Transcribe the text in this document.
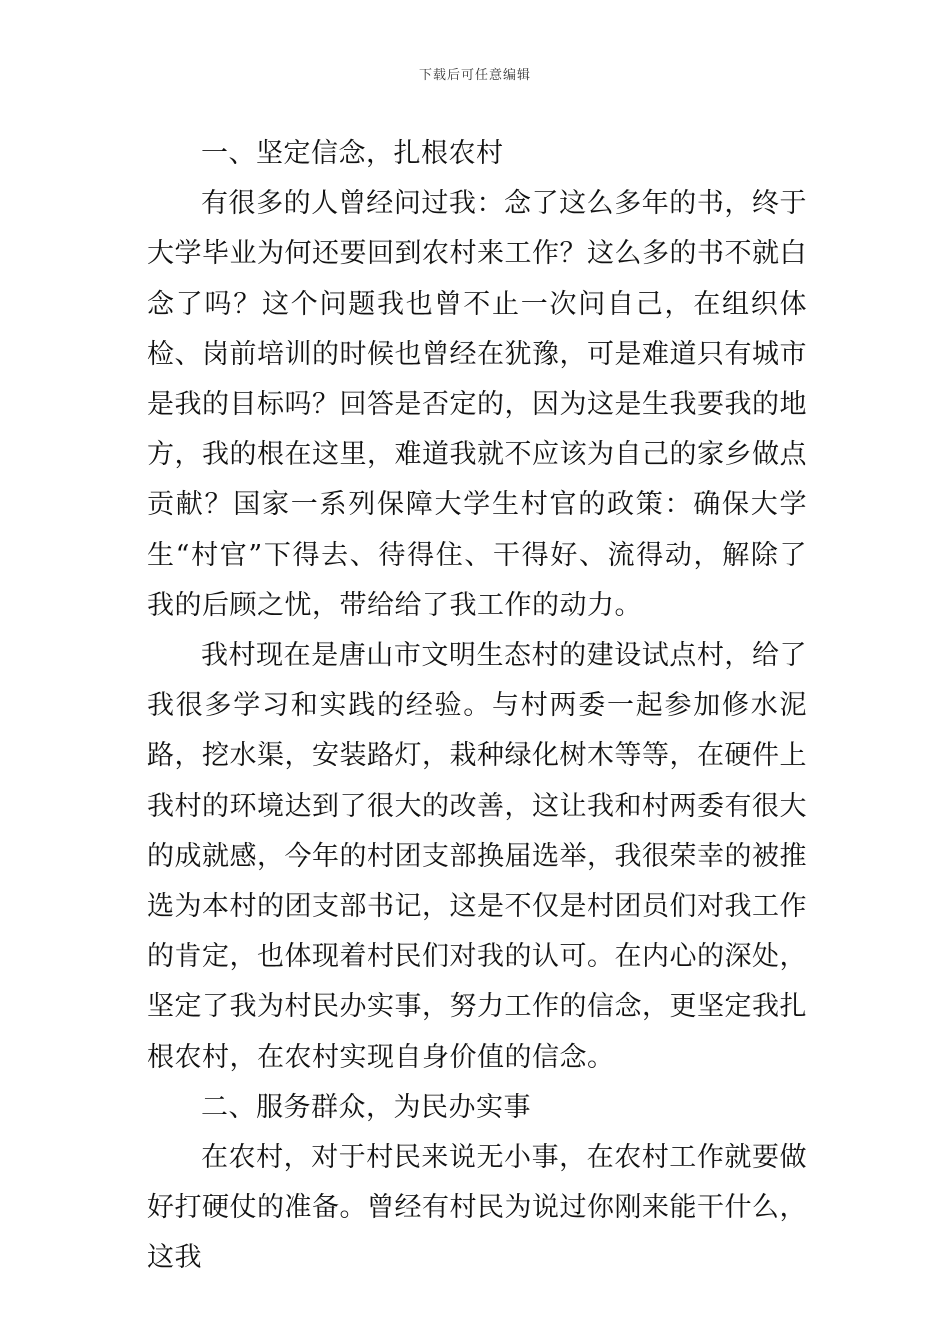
下载后可任意编辑

一、坚定信念，扎根农村

有很多的人曾经问过我：念了这么多年的书，终于大学毕业为何还要回到农村来工作？这么多的书不就白念了吗？这个问题我也曾不止一次问自己，在组织体检、岗前培训的时候也曾经在犹豫，可是难道只有城市是我的目标吗？回答是否定的，因为这是生我要我的地方，我的根在这里，难道我就不应该为自己的家乡做点贡献？国家一系列保障大学生村官的政策：确保大学生“村官”下得去、待得住、干得好、流得动，解除了我的后顾之忧，带给给了我工作的动力。

我村现在是唐山市文明生态村的建设试点村，给了我很多学习和实践的经验。与村两委一起参加修水泥路，挖水渠，安装路灯，栽种绿化树木等等，在硬件上我村的环境达到了很大的改善，这让我和村两委有很大的成就感，今年的村团支部换届选举，我很荣幸的被推选为本村的团支部书记，这是不仅是村团员们对我工作的肯定，也体现着村民们对我的认可。在内心的深处，坚定了我为村民办实事，努力工作的信念，更坚定我扎根农村，在农村实现自身价值的信念。

二、服务群众，为民办实事

在农村，对于村民来说无小事，在农村工作就要做好打硬仗的准备。曾经有村民为说过你刚来能干什么，这我
